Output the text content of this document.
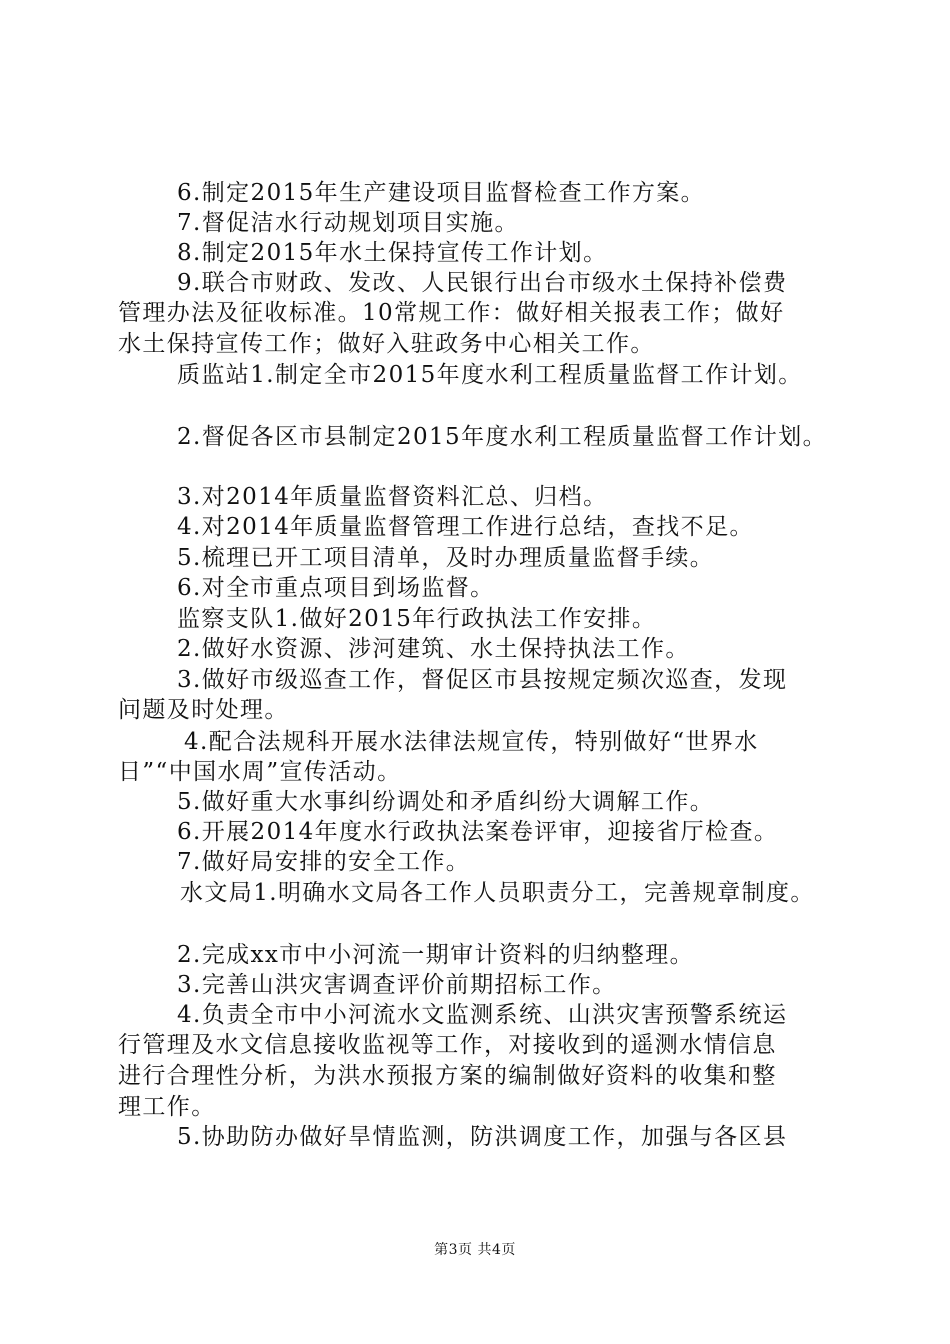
6.制定2015年生产建设项目监督检查工作方案。
7.督促洁水行动规划项目实施。
8.制定2015年水土保持宣传工作计划。
9.联合市财政、发改、人民银行出台市级水土保持补偿费
管理办法及征收标准。10常规工作：做好相关报表工作；做好
水土保持宣传工作；做好入驻政务中心相关工作。
质监站1.制定全市2015年度水利工程质量监督工作计划。
2.督促各区市县制定2015年度水利工程质量监督工作计划。
3.对2014年质量监督资料汇总、归档。
4.对2014年质量监督管理工作进行总结，查找不足。
5.梳理已开工项目清单，及时办理质量监督手续。
6.对全市重点项目到场监督。
监察支队1.做好2015年行政执法工作安排。
2.做好水资源、涉河建筑、水土保持执法工作。
3.做好市级巡查工作，督促区市县按规定频次巡查，发现
问题及时处理。
4.配合法规科开展水法律法规宣传，特别做好“世界水
日”“中国水周”宣传活动。
5.做好重大水事纠纷调处和矛盾纠纷大调解工作。
6.开展2014年度水行政执法案卷评审，迎接省厅检查。
7.做好局安排的安全工作。
水文局1.明确水文局各工作人员职责分工，完善规章制度。
2.完成xx市中小河流一期审计资料的归纳整理。
3.完善山洪灾害调查评价前期招标工作。
4.负责全市中小河流水文监测系统、山洪灾害预警系统运
行管理及水文信息接收监视等工作，对接收到的遥测水情信息
进行合理性分析，为洪水预报方案的编制做好资料的收集和整
理工作。
5.协助防办做好旱情监测，防洪调度工作，加强与各区县
第3页 共4页
